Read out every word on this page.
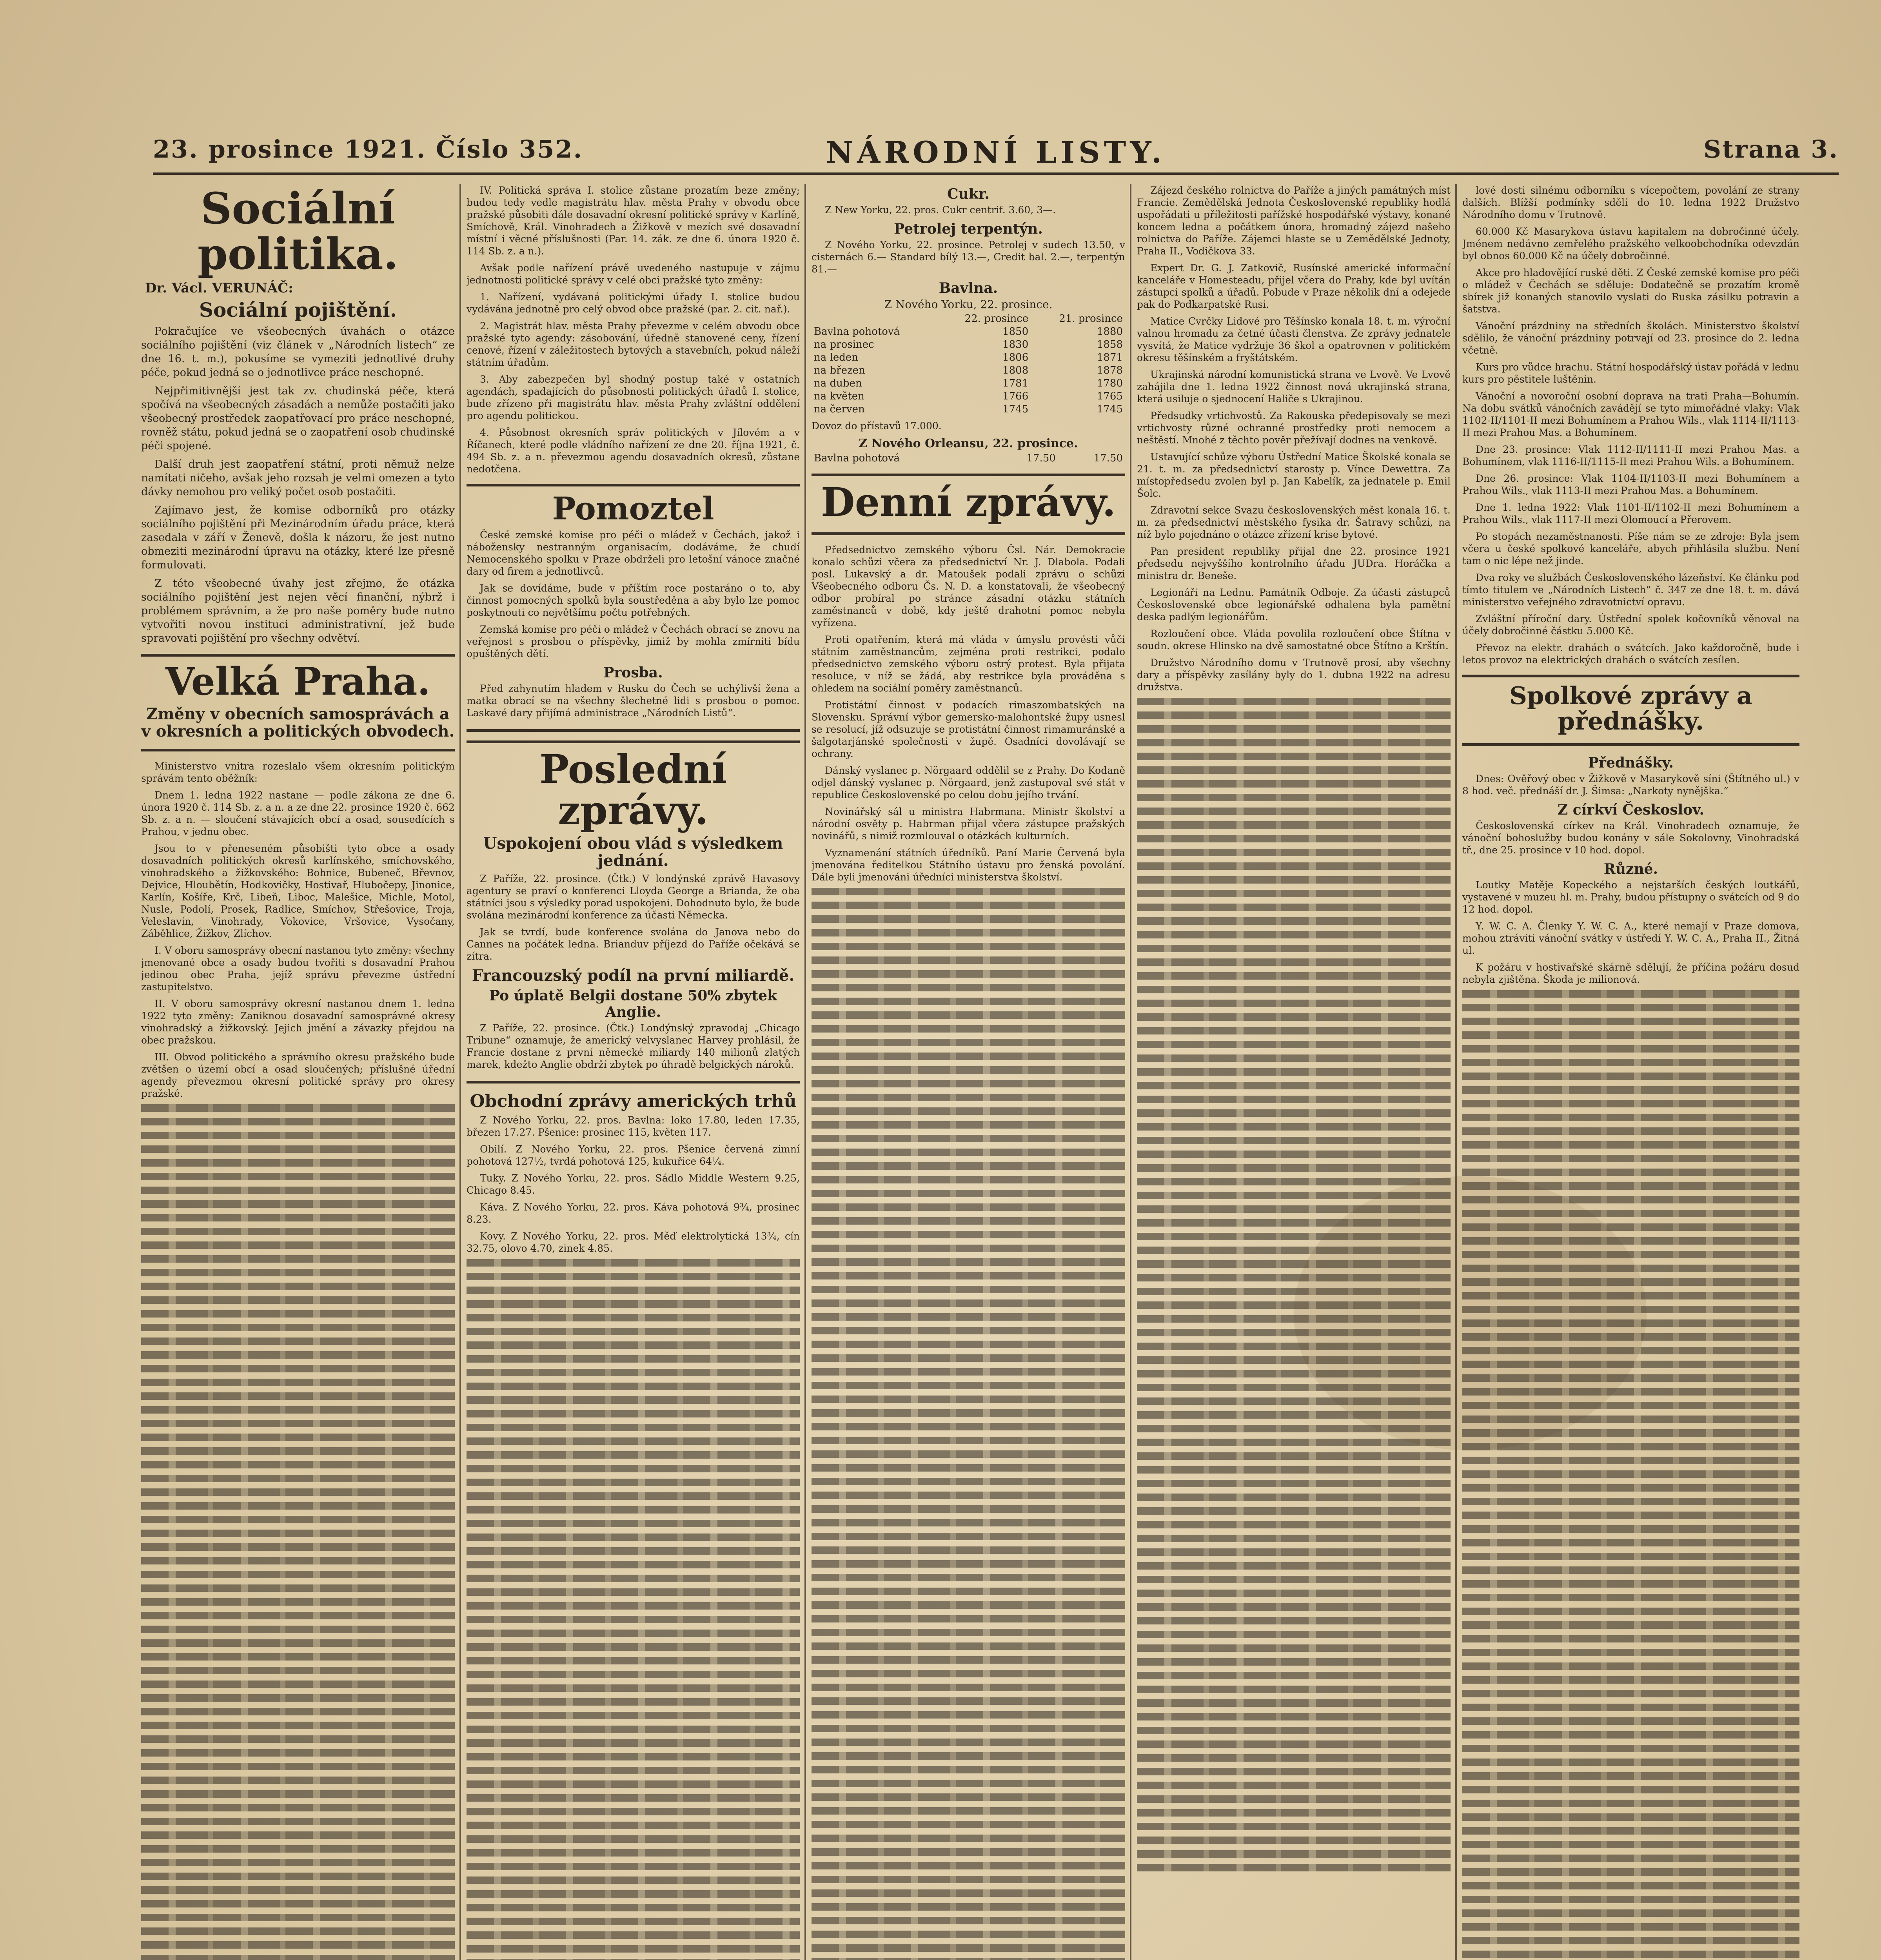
23. prosince 1921. Číslo 352.	NÁRODNÍ LISTY.	Strana 3.
Sociální politika.
Dr. Václ. VERUNÁČ:
Sociální pojištění.

Pokračujíce ve všeobecných úvahách o otázce sociálního pojištění (viz článek v „Národních listech“ ze dne 16. t. m.), pokusíme se vymeziti jednotlivé druhy péče, pokud jedná se o jednotlivce práce neschopné.

Nejpřimitivnější jest tak zv. chudinská péče, která spočívá na všeobecných zásadách a nemůže postačiti jako všeobecný prostředek zaopatřovací pro práce neschopné, rovněž státu, pokud jedná se o zaopatření osob chudinské péči spojené.

Další druh jest zaopatření státní, proti němuž nelze namítati ničeho, avšak jeho rozsah je velmi omezen a tyto dávky nemohou pro veliký počet osob postačiti.

Zajímavo jest, že komise odborníků pro otázky sociálního pojištění při Mezinárodním úřadu práce, která zasedala v září v Ženevě, došla k názoru, že jest nutno obmeziti mezinárodní úpravu na otázky, které lze přesně formulovati.

Z této všeobecné úvahy jest zřejmo, že otázka sociálního pojištění jest nejen věcí finanční, nýbrž i problémem správním, a že pro naše poměry bude nutno vytvořiti novou instituci administrativní, jež bude spravovati pojištění pro všechny odvětví.

Velká Praha.
Změny v obecních samosprávách a v okresních a politických obvodech.

Ministerstvo vnitra rozeslalo všem okresním politickým správám tento oběžník:

Dnem 1. ledna 1922 nastane — podle zákona ze dne 6. února 1920 č. 114 Sb. z. a n. a ze dne 22. prosince 1920 č. 662 Sb. z. a n. — sloučení stávajících obcí a osad, sousedících s Prahou, v jednu obec.

Jsou to v přeneseném působišti tyto obce a osady dosavadních politických okresů karlínského, smíchovského, vinohradského a žižkovského: Bohnice, Bubeneč, Břevnov, Dejvice, Hloubětín, Hodkovičky, Hostivař, Hlubočepy, Jinonice, Karlín, Košíře, Krč, Libeň, Liboc, Malešice, Michle, Motol, Nusle, Podolí, Prosek, Radlice, Smíchov, Střešovice, Troja, Veleslavín, Vinohrady, Vokovice, Vršovice, Vysočany, Záběhlice, Žižkov, Zlíchov.

I. V oboru samosprávy obecní nastanou tyto změny: všechny jmenované obce a osady budou tvořiti s dosavadní Prahou jedinou obec Praha, jejíž správu převezme ústřední zastupitelstvo.

II. V oboru samosprávy okresní nastanou dnem 1. ledna 1922 tyto změny: Zaniknou dosavadní samosprávné okresy vinohradský a žižkovský. Jejich jmění a závazky přejdou na obec pražskou.

III. Obvod politického a správního okresu pražského bude zvětšen o území obcí a osad sloučených; příslušné úřední agendy převezmou okresní politické správy pro okresy pražské.

IV. Politická správa I. stolice zůstane prozatím beze změny; budou tedy vedle magistrátu hlav. města Prahy v obvodu obce pražské působiti dále dosavadní okresní politické správy v Karlíně, Smíchově, Král. Vinohradech a Žižkově v mezích své dosavadní místní i věcné příslušnosti (Par. 14. zák. ze dne 6. února 1920 č. 114 Sb. z. a n.).

Avšak podle nařízení právě uvedeného nastupuje v zájmu jednotnosti politické správy v celé obci pražské tyto změny:

1. Nařízení, vydávaná politickými úřady I. stolice budou vydávána jednotně pro celý obvod obce pražské (par. 2. cit. nař.).

2. Magistrát hlav. města Prahy převezme v celém obvodu obce pražské tyto agendy: zásobování, úředně stanovené ceny, řízení cenové, řízení v záležitostech bytových a stavebních, pokud náleží státním úřadům.

3. Aby zabezpečen byl shodný postup také v ostatních agendách, spadajících do působnosti politických úřadů I. stolice, bude zřízeno při magistrátu hlav. města Prahy zvláštní oddělení pro agendu politickou.

4. Působnost okresních správ politických v Jílovém a v Říčanech, které podle vládního nařízení ze dne 20. října 1921, č. 494 Sb. z. a n. převezmou agendu dosavadních okresů, zůstane nedotčena.

Pomoztel

České zemské komise pro péči o mládež v Čechách, jakož i nábožensky nestranným organisacím, dodáváme, že chudí Nemocenského spolku v Praze obdrželi pro letošní vánoce značné dary od firem a jednotlivců.

Jak se dovídáme, bude v příštím roce postaráno o to, aby činnost pomocných spolků byla soustředěna a aby bylo lze pomoc poskytnouti co největšímu počtu potřebných.

Zemská komise pro péči o mládež v Čechách obrací se znovu na veřejnost s prosbou o příspěvky, jimiž by mohla zmírniti bídu opuštěných dětí.

Prosba.

Před zahynutím hladem v Rusku do Čech se uchýlivší žena a matka obrací se na všechny šlechetné lidi s prosbou o pomoc. Laskavé dary přijímá administrace „Národních Listů“.

Poslední zprávy.
Uspokojení obou vlád s výsledkem jednání.

Z Paříže, 22. prosince. (Čtk.) V londýnské zprávě Havasovy agentury se praví o konferenci Lloyda George a Brianda, že oba státníci jsou s výsledky porad uspokojeni. Dohodnuto bylo, že bude svolána mezinárodní konference za účasti Německa.

Jak se tvrdí, bude konference svolána do Janova nebo do Cannes na počátek ledna. Brianduv příjezd do Paříže očekává se zítra.

Francouzský podíl na první miliardě.
Po úplatě Belgii dostane 50% zbytek Anglie.

Z Paříže, 22. prosince. (Čtk.) Londýnský zpravodaj „Chicago Tribune“ oznamuje, že americký velvyslanec Harvey prohlásil, že Francie dostane z první německé miliardy 140 milionů zlatých marek, kdežto Anglie obdrží zbytek po úhradě belgických nároků.

Obchodní zprávy amerických trhů

Z Nového Yorku, 22. pros. Bavlna: loko 17.80, leden 17.35, březen 17.27. Pšenice: prosinec 115, květen 117.

Obilí. Z Nového Yorku, 22. pros. Pšenice červená zimní pohotová 127½, tvrdá pohotová 125, kukuřice 64¼.

Tuky. Z Nového Yorku, 22. pros. Sádlo Middle Western 9.25, Chicago 8.45.

Káva. Z Nového Yorku, 22. pros. Káva pohotová 9¾, prosinec 8.23.

Kovy. Z Nového Yorku, 22. pros. Měď elektrolytická 13¾, cín 32.75, olovo 4.70, zinek 4.85.

Cukr.

Z New Yorku, 22. pros. Cukr centrif. 3.60, 3—.

Petrolej terpentýn.

Z Nového Yorku, 22. prosince. Petrolej v sudech 13.50, v cisternách 6.— Standard bílý 13.—, Credit bal. 2.—, terpentýn 81.—

Bavlna.
Z Nového Yorku, 22. prosince.
	22. prosince	21. prosince
Bavlna pohotová	1850	1880
na prosinec	1830	1858
na leden	1806	1871
na březen	1808	1878
na duben	1781	1780
na květen	1766	1765
na červen	1745	1745

Dovoz do přístavů 17.000.

Z Nového Orleansu, 22. prosince.
Bavlna pohotová	17.50	17.50
Denní zprávy.

Předsednictvo zemského výboru Čsl. Nár. Demokracie konalo schůzi včera za předsednictví Nr. J. Dlabola. Podali posl. Lukavský a dr. Matoušek podali zprávu o schůzi Všeobecného odboru Čs. N. D. a konstatovali, že všeobecný odbor probíral po stránce zásadní otázku státních zaměstnanců v době, kdy ještě drahotní pomoc nebyla vyřízena.

Proti opatřením, která má vláda v úmyslu provésti vůči státním zaměstnancům, zejména proti restrikci, podalo předsednictvo zemského výboru ostrý protest. Byla přijata resoluce, v níž se žádá, aby restrikce byla prováděna s ohledem na sociální poměry zaměstnanců.

Protistátní činnost v podacích rimaszombatských na Slovensku. Správní výbor gemersko-malohontské župy usnesl se resolucí, jíž odsuzuje se protistátní činnost rimamuránské a šalgotarjánské společnosti v župě. Osadníci dovolávají se ochrany.

Dánský vyslanec p. Nörgaard oddělil se z Prahy. Do Kodaně odjel dánský vyslanec p. Nörgaard, jenž zastupoval své stát v republice Československé po celou dobu jejího trvání.

Novinářský sál u ministra Habrmana. Ministr školství a národní osvěty p. Habrman přijal včera zástupce pražských novinářů, s nimiž rozmlouval o otázkách kulturních.

Vyznamenání státních úředníků. Paní Marie Červená byla jmenována ředitelkou Státního ústavu pro ženská povolání. Dále byli jmenováni úředníci ministerstva školství.

Zájezd českého rolnictva do Paříže a jiných památných míst Francie. Zemědělská Jednota Československé republiky hodlá uspořádati u příležitosti pařížské hospodářské výstavy, konané koncem ledna a počátkem února, hromadný zájezd našeho rolnictva do Paříže. Zájemci hlaste se u Zemědělské Jednoty, Praha II., Vodičkova 33.

Expert Dr. G. J. Zatkovič, Rusínské americké informační kanceláře v Homesteadu, přijel včera do Prahy, kde byl uvítán zástupci spolků a úřadů. Pobude v Praze několik dní a odejede pak do Podkarpatské Rusi.

Matice Cvrčky Lidové pro Těšínsko konala 18. t. m. výroční valnou hromadu za četné účasti členstva. Ze zprávy jednatele vysvítá, že Matice vydržuje 36 škol a opatrovnen v politickém okresu těšínském a fryštátském.

Ukrajinská národní komunistická strana ve Lvově. Ve Lvově zahájila dne 1. ledna 1922 činnost nová ukrajinská strana, která usiluje o sjednocení Haliče s Ukrajinou.

Předsudky vrtichvostů. Za Rakouska předepisovaly se mezi vrtichvosty různé ochranné prostředky proti nemocem a neštěstí. Mnohé z těchto pověr přežívají dodnes na venkově.

Ustavující schůze výboru Ústřední Matice Školské konala se 21. t. m. za předsednictví starosty p. Vínce Dewettra. Za místopředsedu zvolen byl p. Jan Kabelík, za jednatele p. Emil Šolc.

Zdravotní sekce Svazu československých měst konala 16. t. m. za předsednictví městského fysika dr. Šatravy schůzi, na níž bylo pojednáno o otázce zřízení krise bytové.

Pan president republiky přijal dne 22. prosince 1921 předsedu nejvyššího kontrolního úřadu JUDra. Horáčka a ministra dr. Beneše.

Legionáři na Lednu. Památník Odboje. Za účasti zástupců Československé obce legionářské odhalena byla pamětní deska padlým legionářům.

Rozloučení obce. Vláda povolila rozloučení obce Štítna v soudn. okrese Hlinsko na dvě samostatné obce Štítno a Krštín.

Družstvo Národního domu v Trutnově prosí, aby všechny dary a příspěvky zasílány byly do 1. dubna 1922 na adresu družstva.

lové dosti silnému odborníku s vícepočtem, povolání ze strany dalších. Blížší podmínky sdělí do 10. ledna 1922 Družstvo Národního domu v Trutnově.

60.000 Kč Masarykova ústavu kapitalem na dobročinné účely. Jménem nedávno zemřelého pražského velkoobchodníka odevzdán byl obnos 60.000 Kč na účely dobročinné.

Akce pro hladovějící ruské děti. Z České zemské komise pro péči o mládež v Čechách se sděluje: Dodatečně se prozatím kromě sbírek již konaných stanovilo vyslati do Ruska zásilku potravin a šatstva.

Vánoční prázdniny na středních školách. Ministerstvo školství sdělilo, že vánoční prázdniny potrvají od 23. prosince do 2. ledna včetně.

Kurs pro vůdce hrachu. Státní hospodářský ústav pořádá v lednu kurs pro pěstitele luštěnin.

Vánoční a novoroční osobní doprava na trati Praha—Bohumín. Na dobu svátků vánočních zavádějí se tyto mimořádné vlaky: Vlak 1102-II/1101-II mezi Bohumínem a Prahou Wils., vlak 1114-II/1113-II mezi Prahou Mas. a Bohumínem.

Dne 23. prosince: Vlak 1112-II/1111-II mezi Prahou Mas. a Bohumínem, vlak 1116-II/1115-II mezi Prahou Wils. a Bohumínem.

Dne 26. prosince: Vlak 1104-II/1103-II mezi Bohumínem a Prahou Wils., vlak 1113-II mezi Prahou Mas. a Bohumínem.

Dne 1. ledna 1922: Vlak 1101-II/1102-II mezi Bohumínem a Prahou Wils., vlak 1117-II mezi Olomoucí a Přerovem.

Po stopách nezaměstnanosti. Píše nám se ze zdroje: Byla jsem včera u české spolkové kanceláře, abych přihlásila službu. Není tam o nic lépe než jinde.

Dva roky ve službách Československého lázeňství. Ke článku pod tímto titulem ve „Národních Listech“ č. 347 ze dne 18. t. m. dává ministerstvo veřejného zdravotnictví opravu.

Zvláštní příroční dary. Ústřední spolek kočovníků věnoval na účely dobročinné částku 5.000 Kč.

Převoz na elektr. drahách o svátcích. Jako každoročně, bude i letos provoz na elektrických drahách o svátcích zesílen.

Spolkové zprávy a přednášky.
Přednášky.

Dnes: Ověřový obec v Žižkově v Masarykově síni (Štítného ul.) v 8 hod. več. přednáší dr. J. Šimsa: „Narkoty nynějška.“

Z církví Českoslov.

Československá církev na Král. Vinohradech oznamuje, že vánoční bohoslužby budou konány v sále Sokolovny, Vinohradská tř., dne 25. prosince v 10 hod. dopol.

Různé.

Loutky Matěje Kopeckého a nejstarších českých loutkářů, vystavené v muzeu hl. m. Prahy, budou přístupny o svátcích od 9 do 12 hod. dopol.

Y. W. C. A. Členky Y. W. C. A., které nemají v Praze domova, mohou ztráviti vánoční svátky v ústředí Y. W. C. A., Praha II., Žitná ul.

K požáru v hostivařské skárně sdělují, že příčina požáru dosud nebyla zjištěna. Škoda je milionová.
